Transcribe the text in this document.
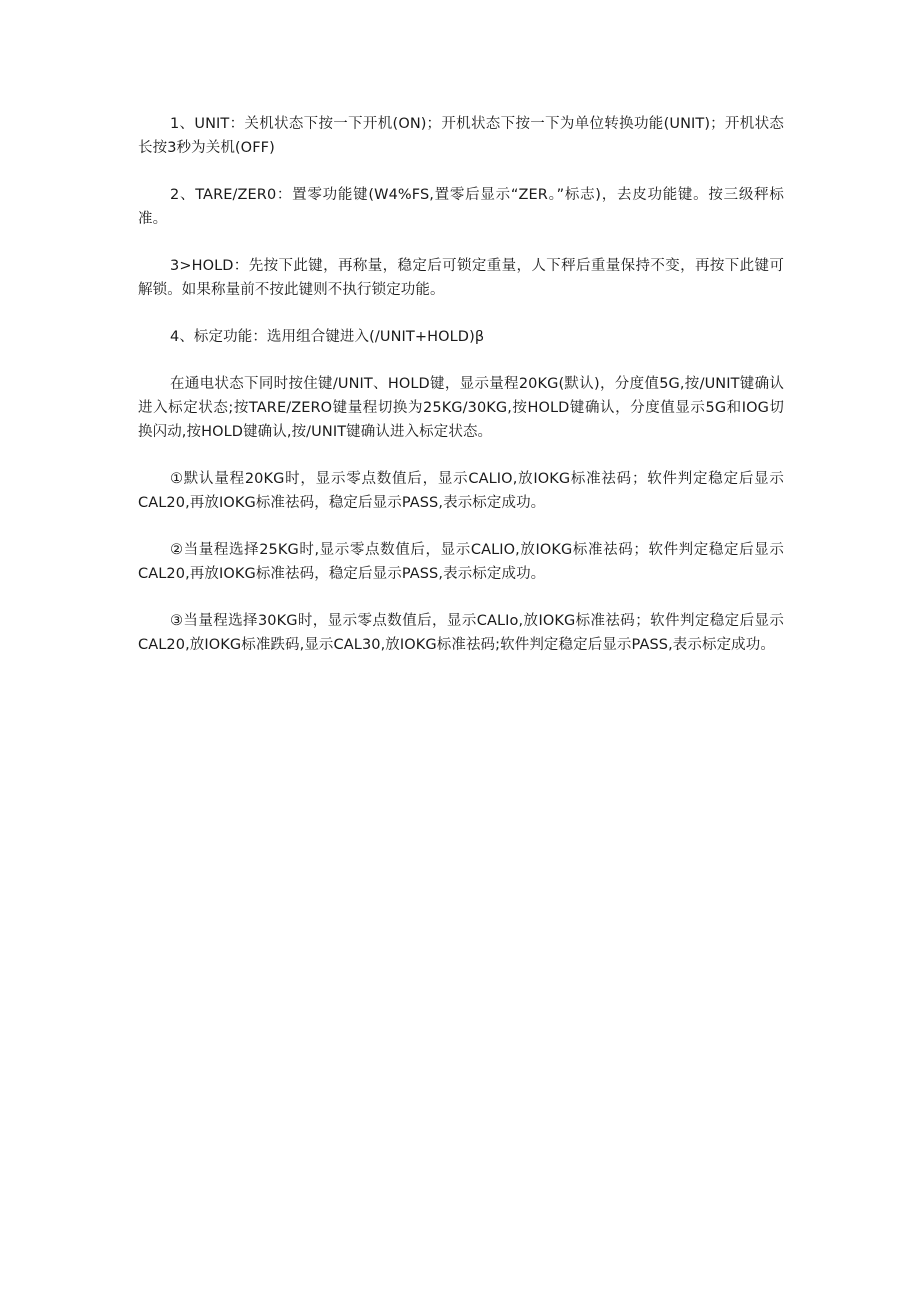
1、UNIT：关机状态下按一下开机(ON)；开机状态下按一下为单位转换功能(UNIT)；开机状态长按3秒为关机(OFF)

2、TARE/ZER0：置零功能键(W4%FS,置零后显示“ZER。”标志)，去皮功能键。按三级秤标准。

3>HOLD：先按下此键，再称量，稳定后可锁定重量，人下秤后重量保持不变，再按下此键可解锁。如果称量前不按此键则不执行锁定功能。

4、标定功能：选用组合键进入(∕UNIT+HOLD)β

在通电状态下同时按住键/UNIT、HOLD键，显示量程20KG(默认)，分度值5G,按/UNIT键确认进入标定状态;按TARE/ZERO键量程切换为25KG/30KG,按HOLD键确认，分度值显示5G和IOG切换闪动,按HOLD键确认,按/UNIT键确认进入标定状态。

①默认量程20KG时，显示零点数值后，显示CALIO,放IOKG标准祛码；软件判定稳定后显示CAL20,再放IOKG标准祛码，稳定后显示PASS,表示标定成功。

②当量程选择25KG时,显示零点数值后，显示CALIO,放IOKG标准祛码；软件判定稳定后显示CAL20,再放IOKG标准祛码，稳定后显示PASS,表示标定成功。

③当量程选择30KG时，显示零点数值后，显示CALIo,放IOKG标准祛码；软件判定稳定后显示CAL20,放IOKG标准跌码,显示CAL30,放IOKG标准祛码;软件判定稳定后显示PASS,表示标定成功。
